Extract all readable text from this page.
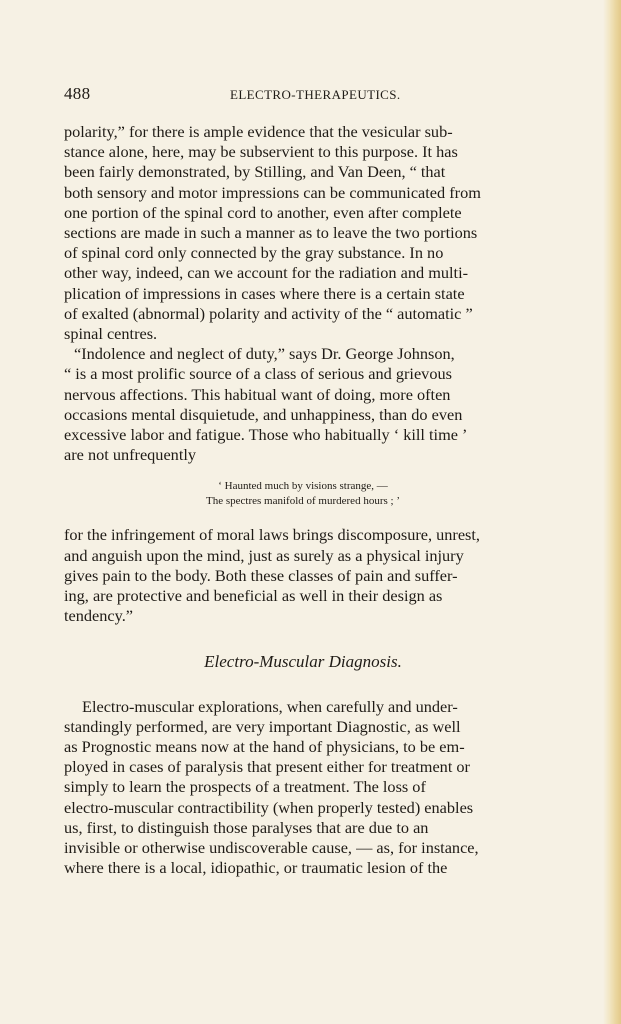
488	ELECTRO-THERAPEUTICS.
polarity,” for there is ample evidence that the vesicular sub-
stance alone, here, may be subservient to this purpose. It has
been fairly demonstrated, by Stilling, and Van Deen, “ that
both sensory and motor impressions can be communicated from
one portion of the spinal cord to another, even after complete
sections are made in such a manner as to leave the two portions
of spinal cord only connected by the gray substance. In no
other way, indeed, can we account for the radiation and multi-
plication of impressions in cases where there is a certain state
of exalted (abnormal) polarity and activity of the “ automatic ”
spinal centres.
“Indolence and neglect of duty,” says Dr. George Johnson,
“ is a most prolific source of a class of serious and grievous
nervous affections. This habitual want of doing, more often
occasions mental disquietude, and unhappiness, than do even
excessive labor and fatigue. Those who habitually ‘ kill time ’
are not unfrequently
‘ Haunted much by visions strange, —
The spectres manifold of murdered hours ; ’
for the infringement of moral laws brings discomposure, unrest,
and anguish upon the mind, just as surely as a physical injury
gives pain to the body. Both these classes of pain and suffer-
ing, are protective and beneficial as well in their design as
tendency.”
Electro-Muscular Diagnosis.
Electro-muscular explorations, when carefully and under-
standingly performed, are very important Diagnostic, as well
as Prognostic means now at the hand of physicians, to be em-
ployed in cases of paralysis that present either for treatment or
simply to learn the prospects of a treatment. The loss of
electro-muscular contractibility (when properly tested) enables
us, first, to distinguish those paralyses that are due to an
invisible or otherwise undiscoverable cause, — as, for instance,
where there is a local, idiopathic, or traumatic lesion of the
